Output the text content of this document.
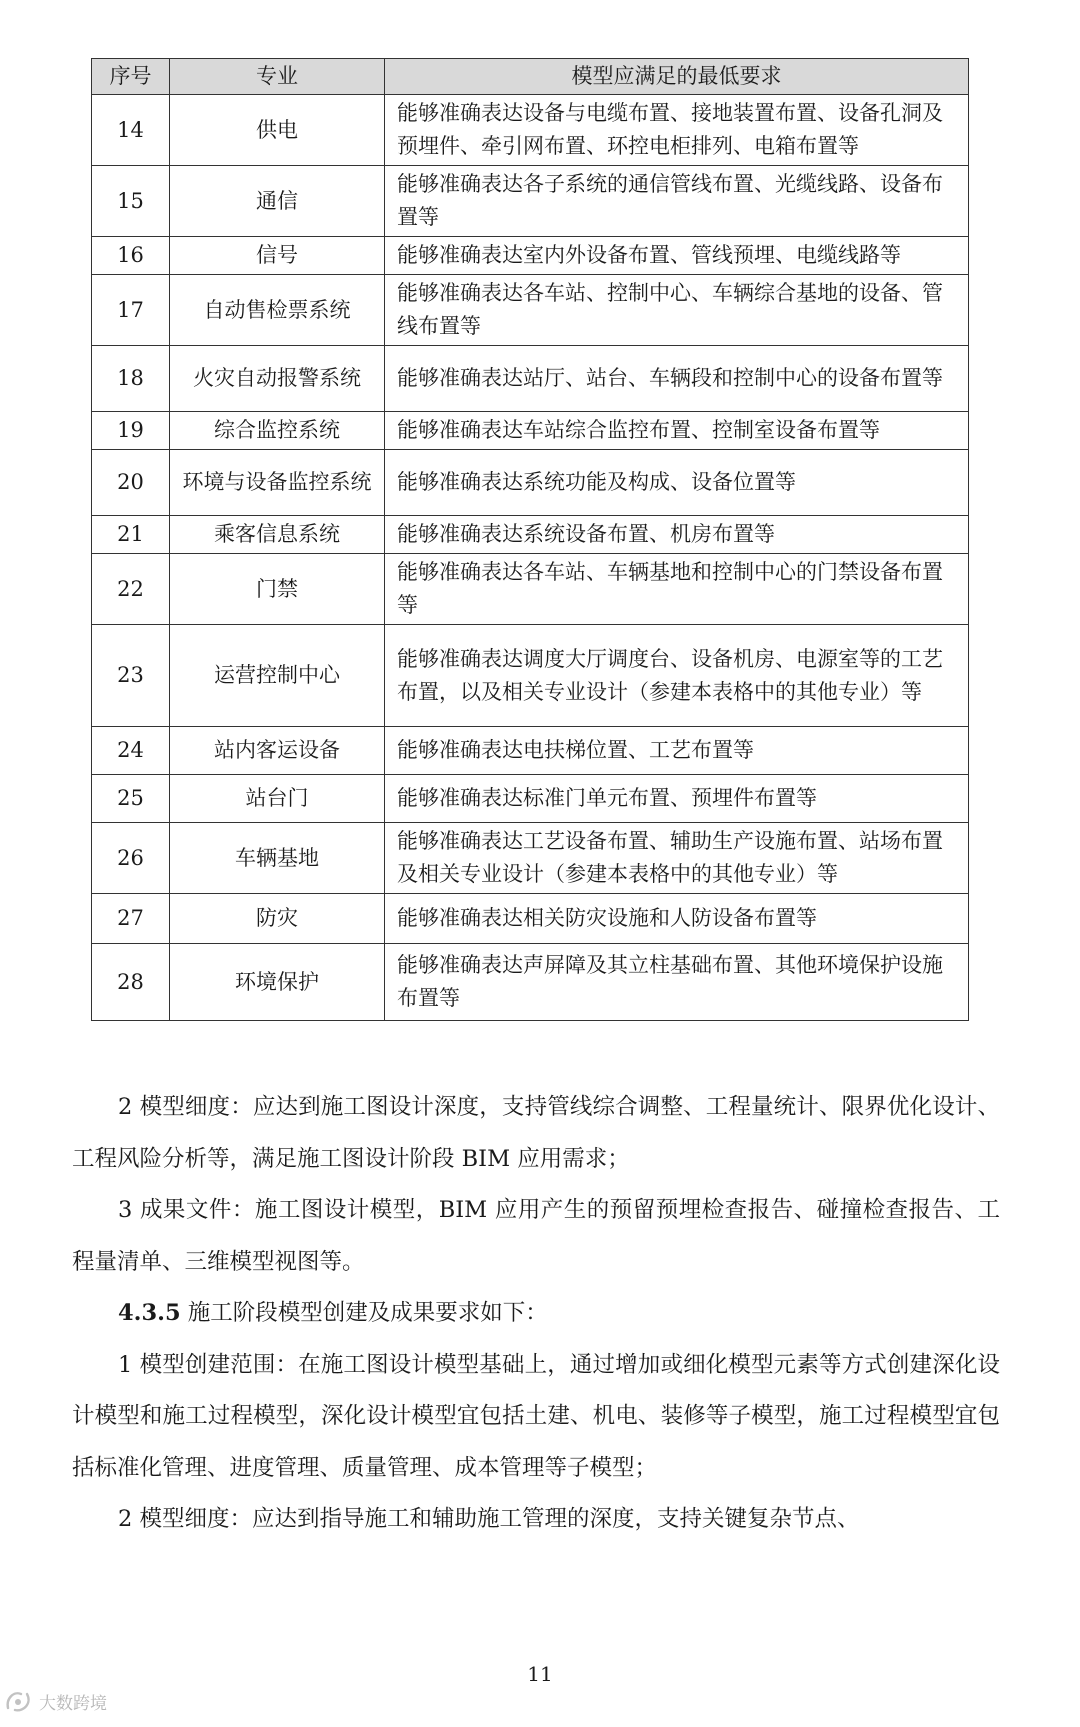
序号	专业	模型应满足的最低要求
14	供电	能够准确表达设备与电缆布置、接地装置布置、设备孔洞及预埋件、牵引网布置、环控电柜排列、电箱布置等
15	通信	能够准确表达各子系统的通信管线布置、光缆线路、设备布置等
16	信号	能够准确表达室内外设备布置、管线预埋、电缆线路等
17	自动售检票系统	能够准确表达各车站、控制中心、车辆综合基地的设备、管线布置等
18	火灾自动报警系统	能够准确表达站厅、站台、车辆段和控制中心的设备布置等
19	综合监控系统	能够准确表达车站综合监控布置、控制室设备布置等
20	环境与设备监控系统	能够准确表达系统功能及构成、设备位置等
21	乘客信息系统	能够准确表达系统设备布置、机房布置等
22	门禁	能够准确表达各车站、车辆基地和控制中心的门禁设备布置等
23	运营控制中心	能够准确表达调度大厅调度台、设备机房、电源室等的工艺布置，以及相关专业设计（参建本表格中的其他专业）等
24	站内客运设备	能够准确表达电扶梯位置、工艺布置等
25	站台门	能够准确表达标准门单元布置、预埋件布置等
26	车辆基地	能够准确表达工艺设备布置、辅助生产设施布置、站场布置及相关专业设计（参建本表格中的其他专业）等
27	防灾	能够准确表达相关防灾设施和人防设备布置等
28	环境保护	能够准确表达声屏障及其立柱基础布置、其他环境保护设施布置等

2 模型细度：应达到施工图设计深度，支持管线综合调整、工程量统计、限界优化设计、工程风险分析等，满足施工图设计阶段 BIM 应用需求；

3 成果文件：施工图设计模型，BIM 应用产生的预留预埋检查报告、碰撞检查报告、工程量清单、三维模型视图等。

4.3.5 施工阶段模型创建及成果要求如下：

1 模型创建范围：在施工图设计模型基础上，通过增加或细化模型元素等方式创建深化设计模型和施工过程模型，深化设计模型宜包括土建、机电、装修等子模型，施工过程模型宜包括标准化管理、进度管理、质量管理、成本管理等子模型；

2 模型细度：应达到指导施工和辅助施工管理的深度，支持关键复杂节点、

11
大数跨境
